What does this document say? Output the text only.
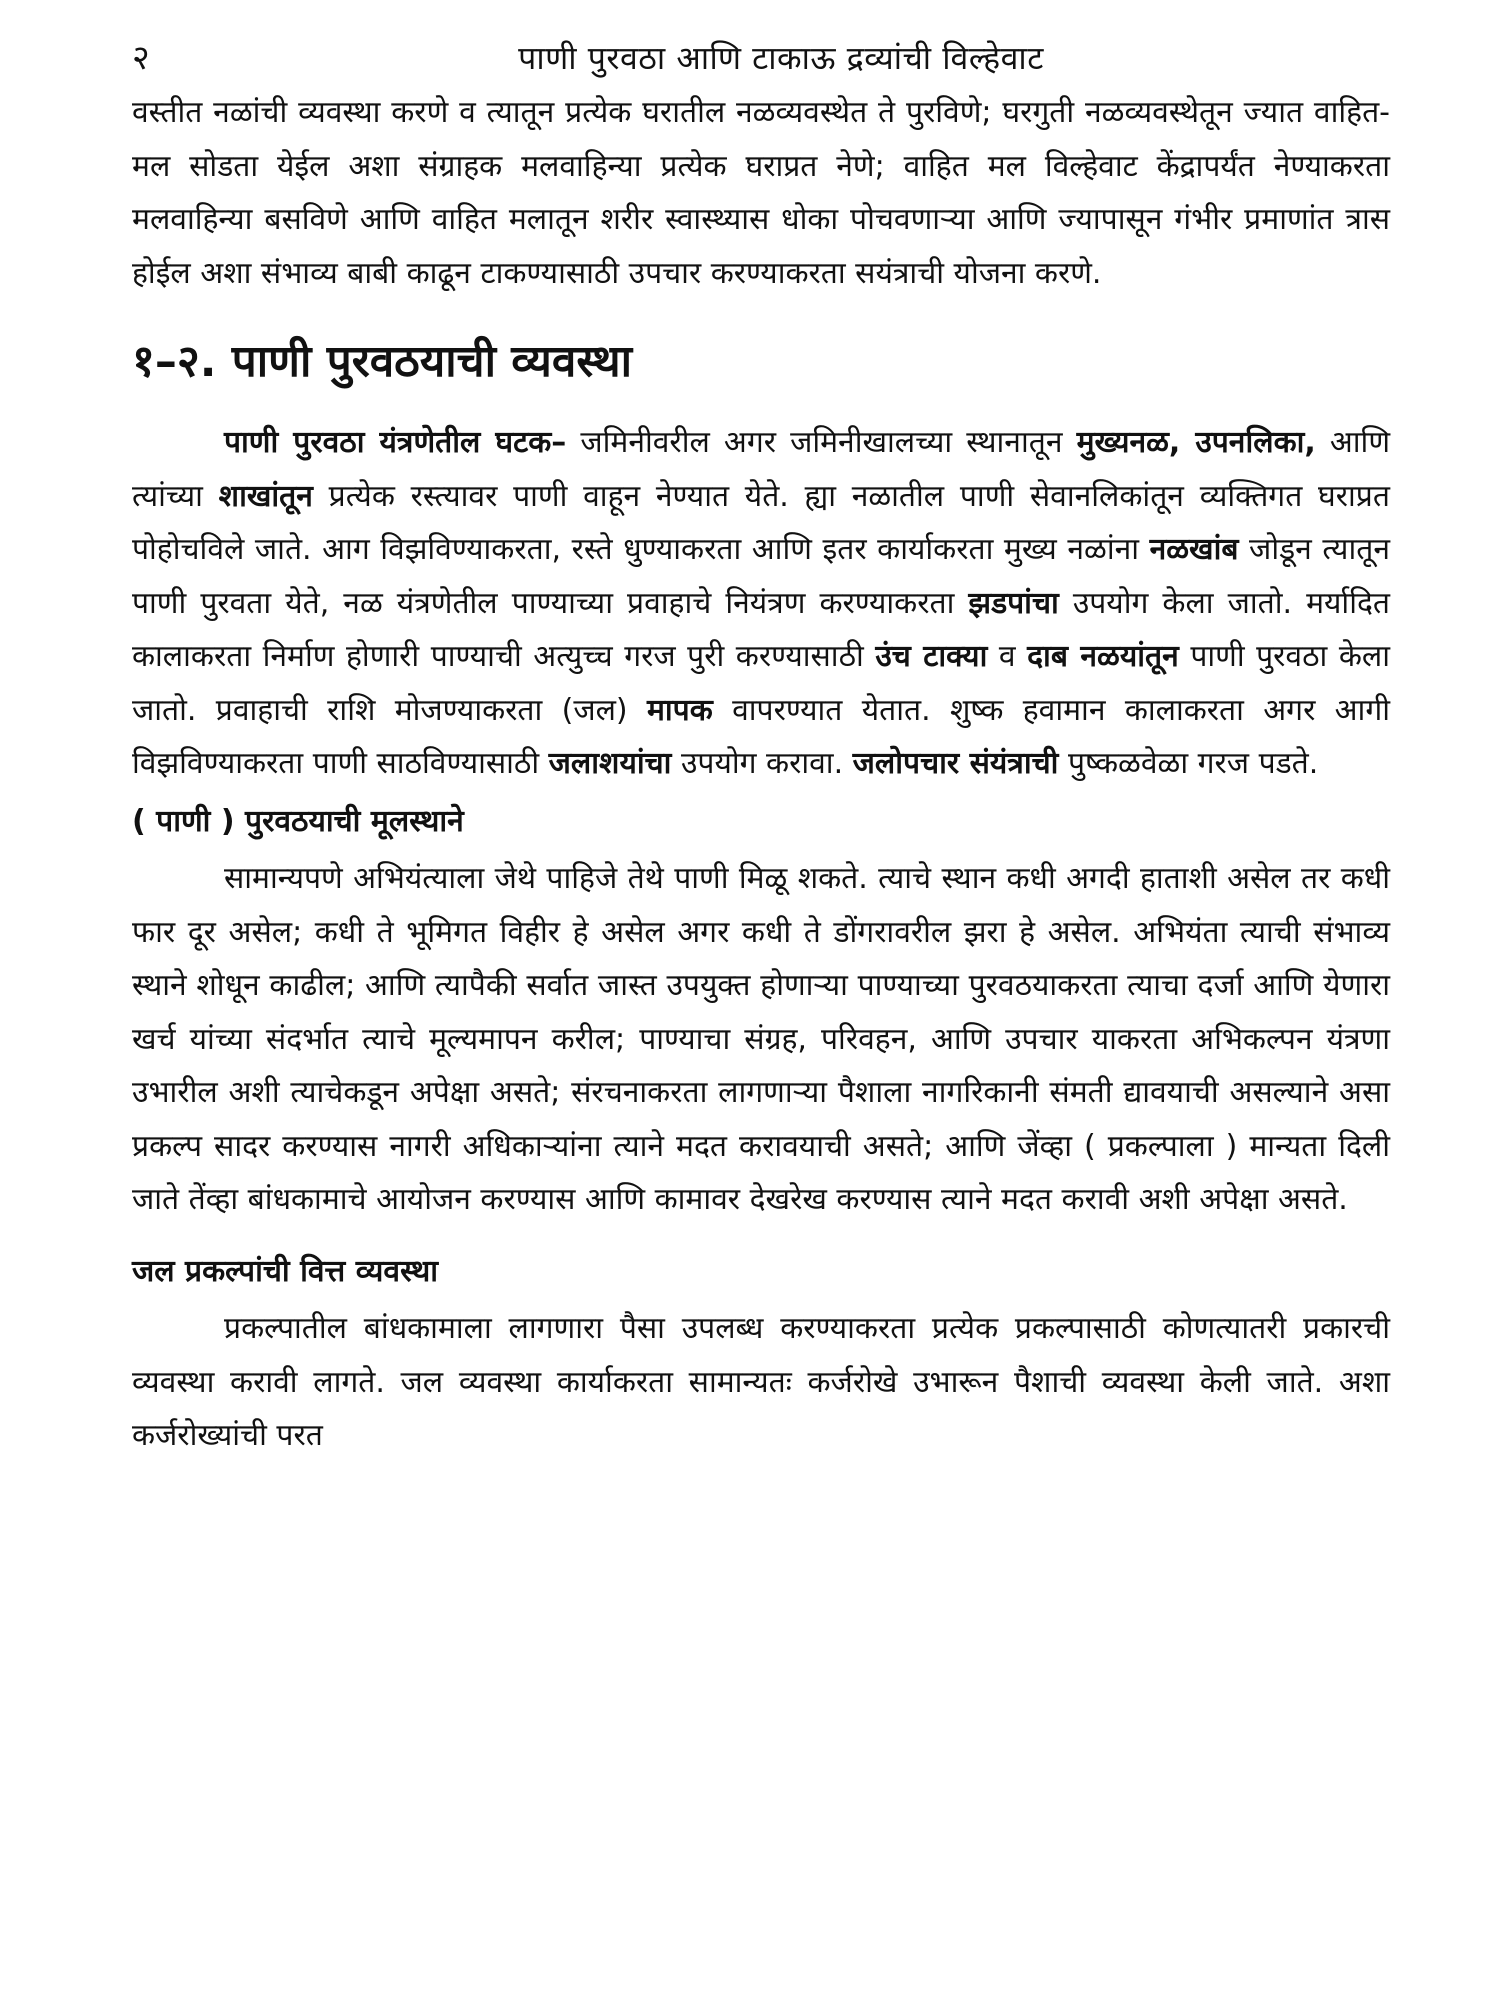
२	पाणी पुरवठा आणि टाकाऊ द्रव्यांची विल्हेवाट

वस्तीत नळांची व्यवस्था करणे व त्यातून प्रत्येक घरातील नळव्यवस्थेत ते पुरविणे; घरगुती नळव्यवस्थेतून ज्यात वाहित-मल सोडता येईल अशा संग्राहक मलवाहिन्या प्रत्येक घराप्रत नेणे; वाहित मल विल्हेवाट केंद्रापर्यंत नेण्याकरता मलवाहिन्या बसविणे आणि वाहित मलातून शरीर स्वास्थ्यास धोका पोचवणाऱ्या आणि ज्यापासून गंभीर प्रमाणांत त्रास होईल अशा संभाव्य बाबी काढून टाकण्यासाठी उपचार करण्याकरता सयंत्राची योजना करणे.

१–२. पाणी पुरवठयाची व्यवस्था

पाणी पुरवठा यंत्रणेतील घटक– जमिनीवरील अगर जमिनीखालच्या स्थानातून मुख्यनळ, उपनलिका, आणि त्यांच्या शाखांतून प्रत्येक रस्त्यावर पाणी वाहून नेण्यात येते. ह्या नळातील पाणी सेवानलिकांतून व्यक्तिगत घराप्रत पोहोचविले जाते. आग विझविण्याकरता, रस्ते धुण्याकरता आणि इतर कार्याकरता मुख्य नळांना नळखांब जोडून त्यातून पाणी पुरवता येते, नळ यंत्रणेतील पाण्याच्या प्रवाहाचे नियंत्रण करण्याकरता झडपांचा उपयोग केला जातो. मर्यादित कालाकरता निर्माण होणारी पाण्याची अत्युच्च गरज पुरी करण्यासाठी उंच टाक्या व दाब नळयांतून पाणी पुरवठा केला जातो. प्रवाहाची राशि मोजण्याकरता (जल) मापक वापरण्यात येतात. शुष्क हवामान कालाकरता अगर आगी विझविण्याकरता पाणी साठविण्यासाठी जलाशयांचा उपयोग करावा. जलोपचार संयंत्राची पुष्कळवेळा गरज पडते.

( पाणी ) पुरवठयाची मूलस्थाने

सामान्यपणे अभियंत्याला जेथे पाहिजे तेथे पाणी मिळू शकते. त्याचे स्थान कधी अगदी हाताशी असेल तर कधी फार दूर असेल; कधी ते भूमिगत विहीर हे असेल अगर कधी ते डोंगरावरील झरा हे असेल. अभियंता त्याची संभाव्य स्थाने शोधून काढील; आणि त्यापैकी सर्वात जास्त उपयुक्त होणाऱ्या पाण्याच्या पुरवठयाकरता त्याचा दर्जा आणि येणारा खर्च यांच्या संदर्भात त्याचे मूल्यमापन करील; पाण्याचा संग्रह, परिवहन, आणि उपचार याकरता अभिकल्पन यंत्रणा उभारील अशी त्याचेकडून अपेक्षा असते; संरचनाकरता लागणाऱ्या पैशाला नागरिकानी संमती द्यावयाची असल्याने असा प्रकल्प सादर करण्यास नागरी अधिकाऱ्यांना त्याने मदत करावयाची असते; आणि जेंव्हा ( प्रकल्पाला ) मान्यता दिली जाते तेंव्हा बांधकामाचे आयोजन करण्यास आणि कामावर देखरेख करण्यास त्याने मदत करावी अशी अपेक्षा असते.

जल प्रकल्पांची वित्त व्यवस्था

प्रकल्पातील बांधकामाला लागणारा पैसा उपलब्ध करण्याकरता प्रत्येक प्रकल्पासाठी कोणत्यातरी प्रकारची व्यवस्था करावी लागते. जल व्यवस्था कार्याकरता सामान्यतः कर्जरोखे उभारून पैशाची व्यवस्था केली जाते. अशा कर्जरोख्यांची परत
